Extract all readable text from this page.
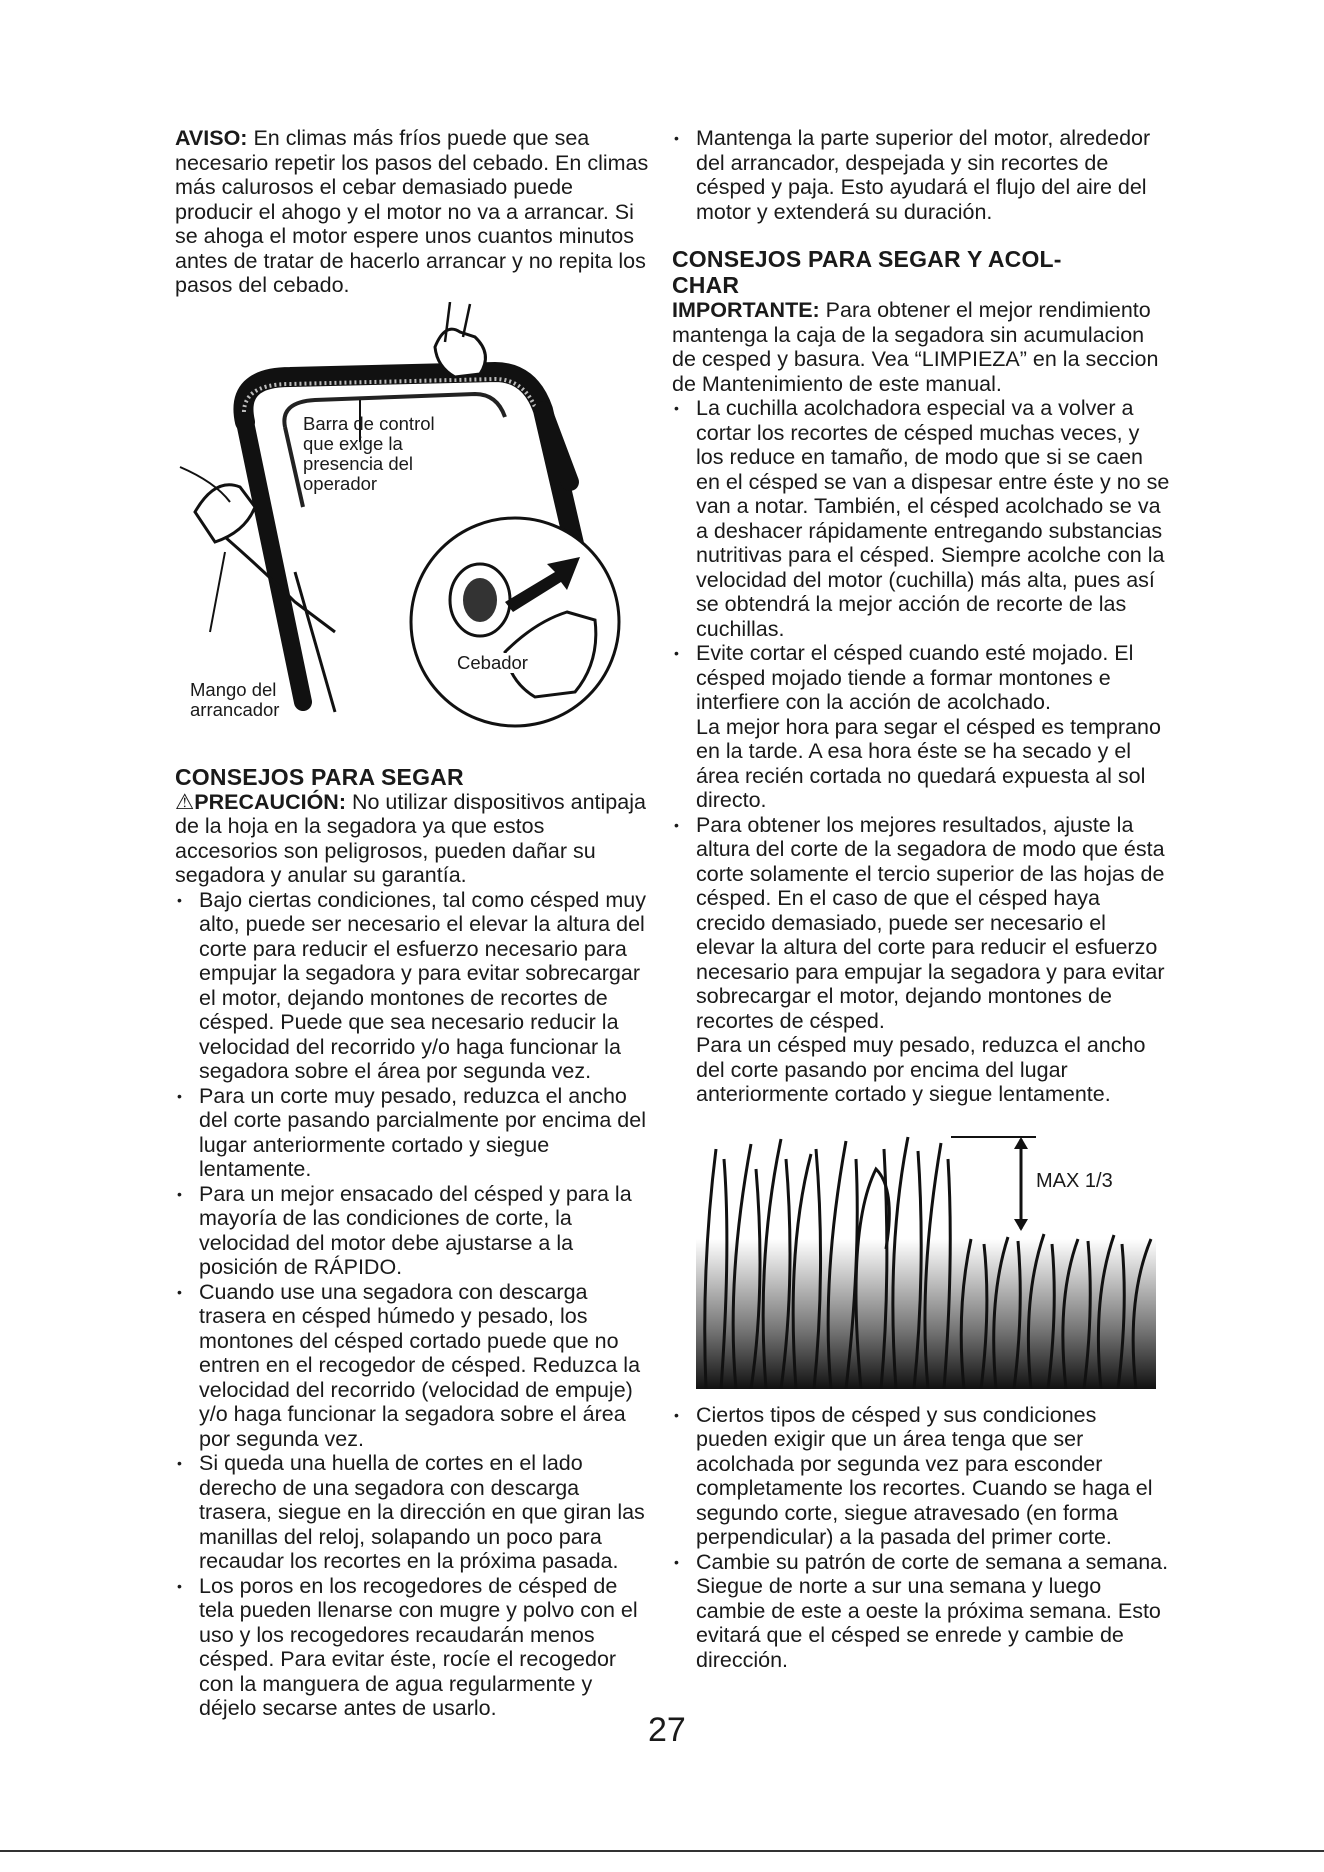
AVISO: En climas más fríos puede que sea necesario repetir los pasos del cebado. En climas más calurosos el cebar demasiado puede producir el ahogo y el motor no va a arrancar. Si se ahoga el motor espere unos cuantos minutos antes de tratar de hacerlo arrancar y no repita los pasos del cebado.

Barra de control
que exige la
presencia del
operador
Cebador
Mango del
arrancador

CONSEJOS PARA SEGAR

⚠PRECAUCIÓN: No utilizar dispositivos antipaja de la hoja en la segadora ya que estos accesorios son peligrosos, pueden dañar su segadora y anular su garantía.

• Bajo ciertas condiciones, tal como césped muy alto, puede ser necesario el elevar la altura del corte para reducir el esfuerzo necesario para empujar la segadora y para evitar sobrecargar el motor, dejando montones de recortes de césped. Puede que sea necesario reducir la velocidad del recorrido y/o haga funcionar la segadora sobre el área por segunda vez.
• Para un corte muy pesado, reduzca el ancho del corte pasando parcialmente por encima del lugar anteriormente cortado y siegue lentamente.
• Para un mejor ensacado del césped y para la mayoría de las condiciones de corte, la velocidad del motor debe ajustarse a la posición de RÁPIDO.
• Cuando use una segadora con descarga trasera en césped húmedo y pesado, los montones del césped cortado puede que no entren en el recogedor de césped. Reduzca la velocidad del recorrido (velocidad de empuje) y/o haga funcionar la segadora sobre el área por segunda vez.
• Si queda una huella de cortes en el lado derecho de una segadora con descarga trasera, siegue en la dirección en que giran las manillas del reloj, solapando un poco para recaudar los recortes en la próxima pasada.
• Los poros en los recogedores de césped de tela pueden llenarse con mugre y polvo con el uso y los recogedores recaudarán menos césped. Para evitar éste, rocíe el recogedor con la manguera de agua regularmente y déjelo secarse antes de usarlo.
• Mantenga la parte superior del motor, alrededor del arrancador, despejada y sin recortes de césped y paja. Esto ayudará el flujo del aire del motor y extenderá su duración.

CONSEJOS PARA SEGAR Y ACOL-
CHAR

IMPORTANTE: Para obtener el mejor rendimiento mantenga la caja de la segadora sin acumulacion de cesped y basura. Vea “LIMPIEZA” en la seccion de Mantenimiento de este manual.

• La cuchilla acolchadora especial va a volver a cortar los recortes de césped muchas veces, y los reduce en tamaño, de modo que si se caen en el césped se van a dispesar entre éste y no se van a notar. También, el césped acolchado se va a deshacer rápidamente entregando substancias nutritivas para el césped. Siempre acolche con la velocidad del motor (cuchilla) más alta, pues así se obtendrá la mejor acción de recorte de las cuchillas.
• Evite cortar el césped cuando esté mojado. El césped mojado tiende a formar montones e interfiere con la acción de acolchado.
La mejor hora para segar el césped es temprano en la tarde. A esa hora éste se ha secado y el área recién cortada no quedará expuesta al sol directo.
• Para obtener los mejores resultados, ajuste la altura del corte de la segadora de modo que ésta corte solamente el tercio superior de las hojas de césped. En el caso de que el césped haya crecido demasiado, puede ser necesario el elevar la altura del corte para reducir el esfuerzo necesario para empujar la segadora y para evitar sobrecargar el motor, dejando montones de recortes de césped.
Para un césped muy pesado, reduzca el ancho del corte pasando por encima del lugar anteriormente cortado y siegue lentamente.
MAX 1/3
• Ciertos tipos de césped y sus condiciones pueden exigir que un área tenga que ser acolchada por segunda vez para esconder completamente los recortes. Cuando se haga el segundo corte, siegue atravesado (en forma perpendicular) a la pasada del primer corte.
• Cambie su patrón de corte de semana a semana. Siegue de norte a sur una semana y luego cambie de este a oeste la próxima semana. Esto evitará que el césped se enrede y cambie de dirección.
27
